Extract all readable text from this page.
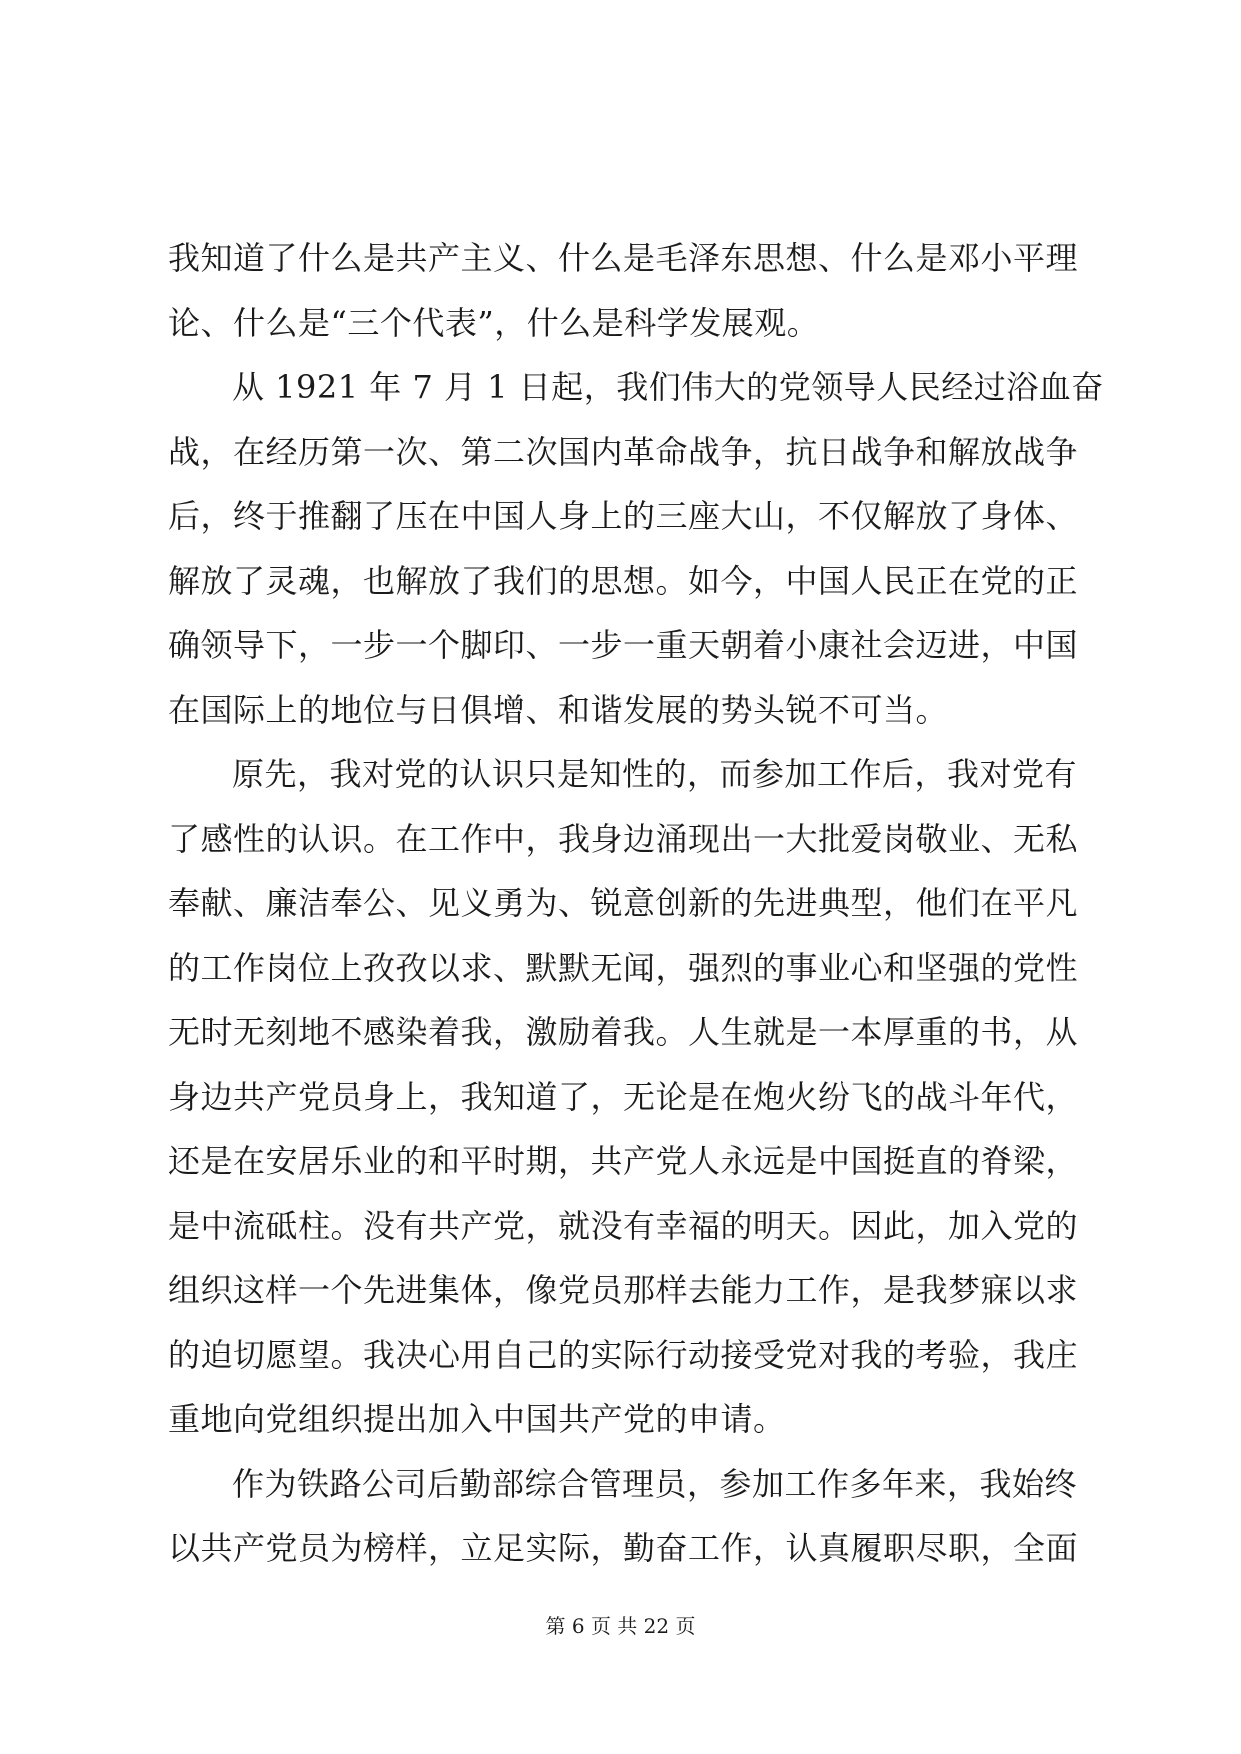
我知道了什么是共产主义、什么是毛泽东思想、什么是邓小平理
论、什么是“三个代表”，什么是科学发展观。
从 1921 年 7 月 1 日起，我们伟大的党领导人民经过浴血奋
战，在经历第一次、第二次国内革命战争，抗日战争和解放战争
后，终于推翻了压在中国人身上的三座大山，不仅解放了身体、
解放了灵魂，也解放了我们的思想。如今，中国人民正在党的正
确领导下，一步一个脚印、一步一重天朝着小康社会迈进，中国
在国际上的地位与日俱增、和谐发展的势头锐不可当。
原先，我对党的认识只是知性的，而参加工作后，我对党有
了感性的认识。在工作中，我身边涌现出一大批爱岗敬业、无私
奉献、廉洁奉公、见义勇为、锐意创新的先进典型，他们在平凡
的工作岗位上孜孜以求、默默无闻，强烈的事业心和坚强的党性
无时无刻地不感染着我，激励着我。人生就是一本厚重的书，从
身边共产党员身上，我知道了，无论是在炮火纷飞的战斗年代，
还是在安居乐业的和平时期，共产党人永远是中国挺直的脊梁，
是中流砥柱。没有共产党，就没有幸福的明天。因此，加入党的
组织这样一个先进集体，像党员那样去能力工作，是我梦寐以求
的迫切愿望。我决心用自己的实际行动接受党对我的考验，我庄
重地向党组织提出加入中国共产党的申请。
作为铁路公司后勤部综合管理员，参加工作多年来，我始终
以共产党员为榜样，立足实际，勤奋工作，认真履职尽职，全面
第 6 页 共 22 页
